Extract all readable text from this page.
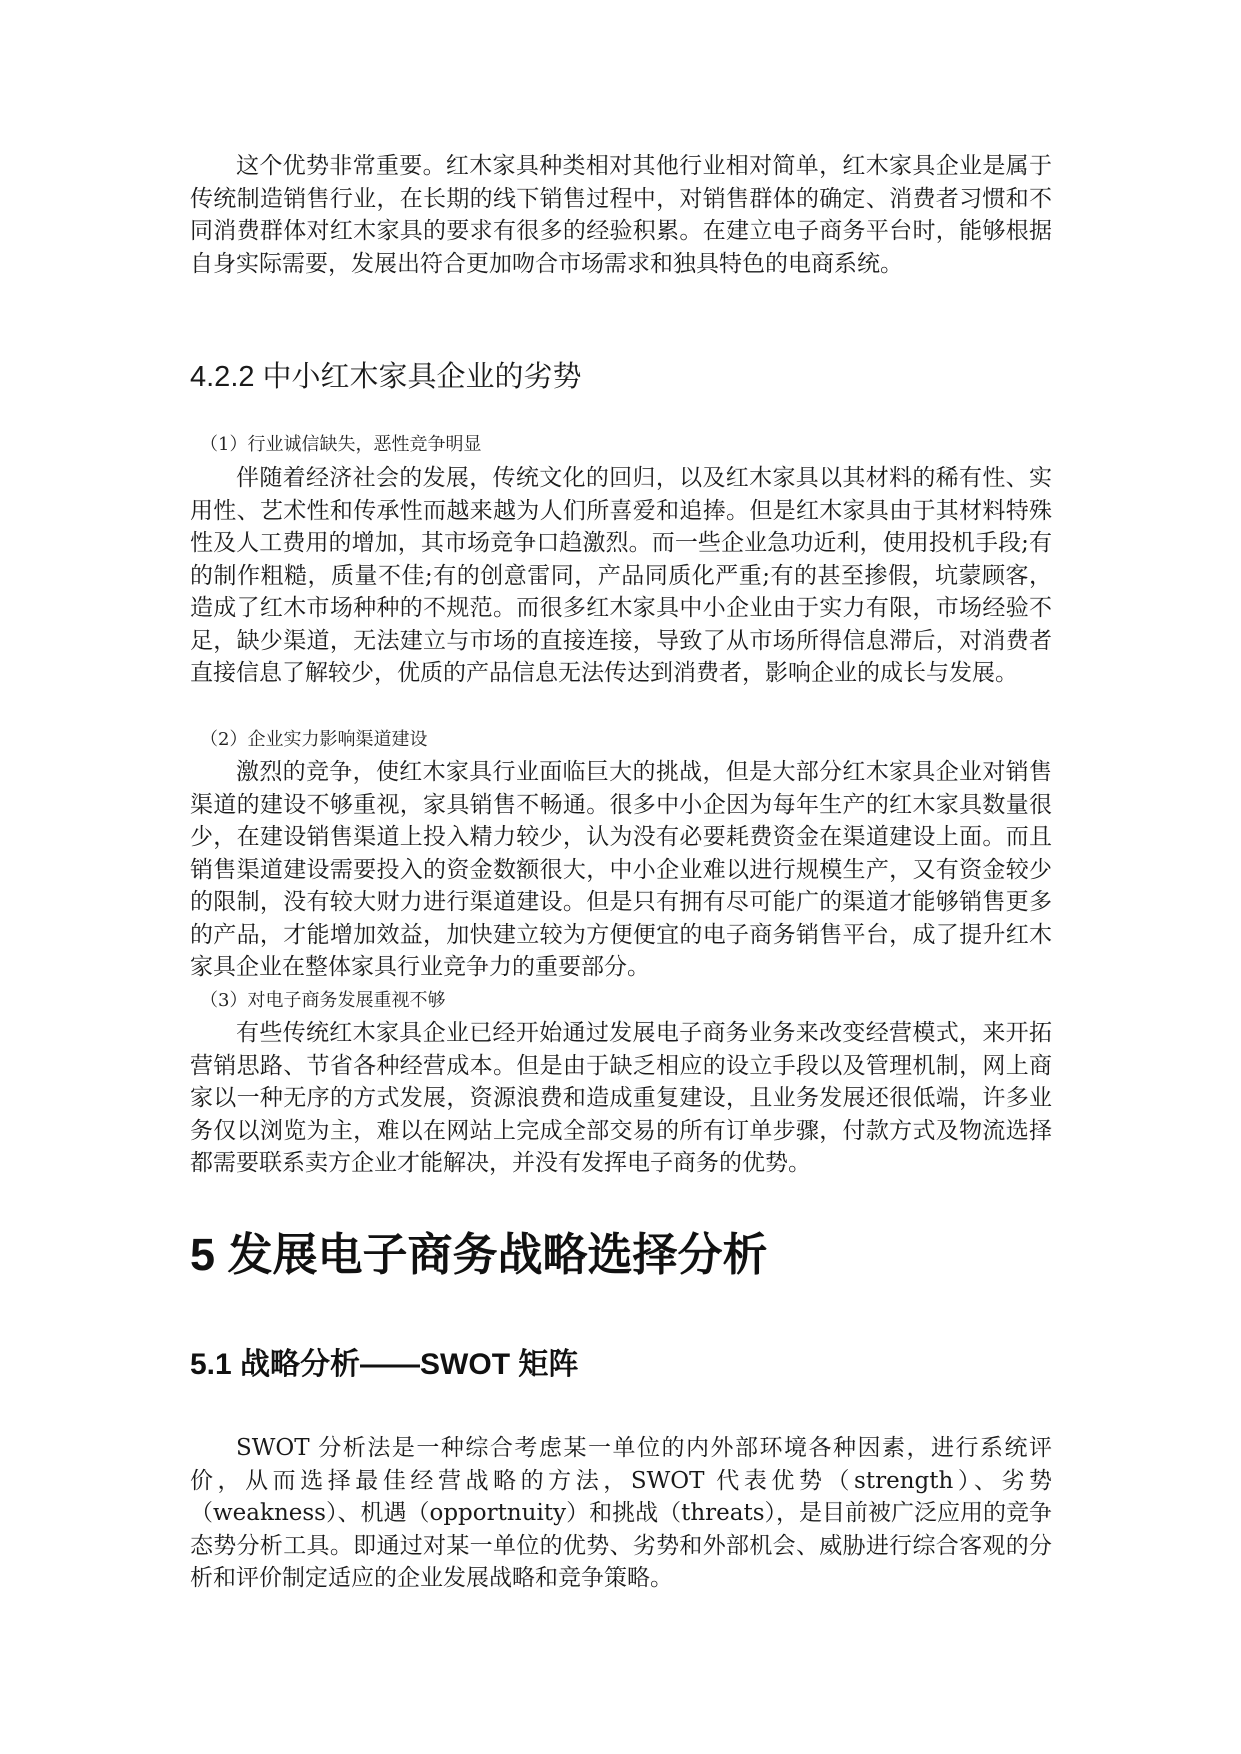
这个优势非常重要。红木家具种类相对其他行业相对简单，红木家具企业是属于传统制造销售行业，在长期的线下销售过程中，对销售群体的确定、消费者习惯和不同消费群体对红木家具的要求有很多的经验积累。在建立电子商务平台时，能够根据自身实际需要，发展出符合更加吻合市场需求和独具特色的电商系统。

4.2.2 中小红木家具企业的劣势

（1）行业诚信缺失，恶性竞争明显

伴随着经济社会的发展，传统文化的回归，以及红木家具以其材料的稀有性、实用性、艺术性和传承性而越来越为人们所喜爱和追捧。但是红木家具由于其材料特殊性及人工费用的增加，其市场竞争口趋激烈。而一些企业急功近利，使用投机手段;有的制作粗糙，质量不佳;有的创意雷同，产品同质化严重;有的甚至掺假，坑蒙顾客，造成了红木市场种种的不规范。而很多红木家具中小企业由于实力有限，市场经验不足，缺少渠道，无法建立与市场的直接连接，导致了从市场所得信息滞后，对消费者直接信息了解较少，优质的产品信息无法传达到消费者，影响企业的成长与发展。

（2）企业实力影响渠道建设

激烈的竞争，使红木家具行业面临巨大的挑战，但是大部分红木家具企业对销售渠道的建设不够重视，家具销售不畅通。很多中小企因为每年生产的红木家具数量很少，在建设销售渠道上投入精力较少，认为没有必要耗费资金在渠道建设上面。而且销售渠道建设需要投入的资金数额很大，中小企业难以进行规模生产，又有资金较少的限制，没有较大财力进行渠道建设。但是只有拥有尽可能广的渠道才能够销售更多的产品，才能增加效益，加快建立较为方便便宜的电子商务销售平台，成了提升红木家具企业在整体家具行业竞争力的重要部分。

（3）对电子商务发展重视不够

有些传统红木家具企业已经开始通过发展电子商务业务来改变经营模式，来开拓营销思路、节省各种经营成本。但是由于缺乏相应的设立手段以及管理机制，网上商家以一种无序的方式发展，资源浪费和造成重复建设，且业务发展还很低端，许多业务仅以浏览为主，难以在网站上完成全部交易的所有订单步骤，付款方式及物流选择都需要联系卖方企业才能解决，并没有发挥电子商务的优势。

5 发展电子商务战略选择分析
5.1 战略分析——SWOT 矩阵

SWOT 分析法是一种综合考虑某一单位的内外部环境各种因素，进行系统评价，从而选择最佳经营战略的方法，SWOT 代表优势（strength）、劣势（weakness）、机遇（opportnuity）和挑战（threats），是目前被广泛应用的竞争态势分析工具。即通过对某一单位的优势、劣势和外部机会、威胁进行综合客观的分析和评价制定适应的企业发展战略和竞争策略。
